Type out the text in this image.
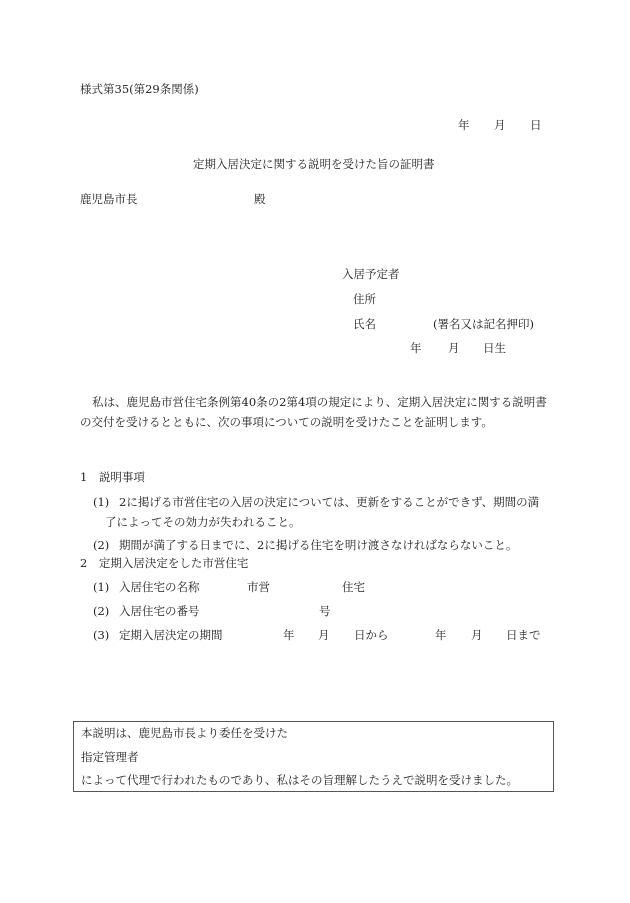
様式第35(第29条関係)
年 月 日
定期入居決定に関する説明を受けた旨の証明書
鹿児島市長	殿
入居予定者
住所
氏名	(署名又は記名押印)
年 月 日生
私は、鹿児島市営住宅条例第40条の2第4項の規定により、定期入居決定に関する説明書の交付を受けるとともに、次の事項についての説明を受けたことを証明します。
1　説明事項
(1) 2に掲げる市営住宅の入居の決定については、更新をすることができず、期間の満
了によってその効力が失われること。
(2) 期間が満了する日までに、2に掲げる住宅を明け渡さなければならないこと。
2　定期入居決定をした市営住宅
(1) 入居住宅の名称	市営	住宅
(2) 入居住宅の番号	号
(3) 定期入居決定の期間	年 月 日から	年 月 日まで
本説明は、鹿児島市長より委任を受けた
指定管理者
によって代理で行われたものであり、私はその旨理解したうえで説明を受けました。
